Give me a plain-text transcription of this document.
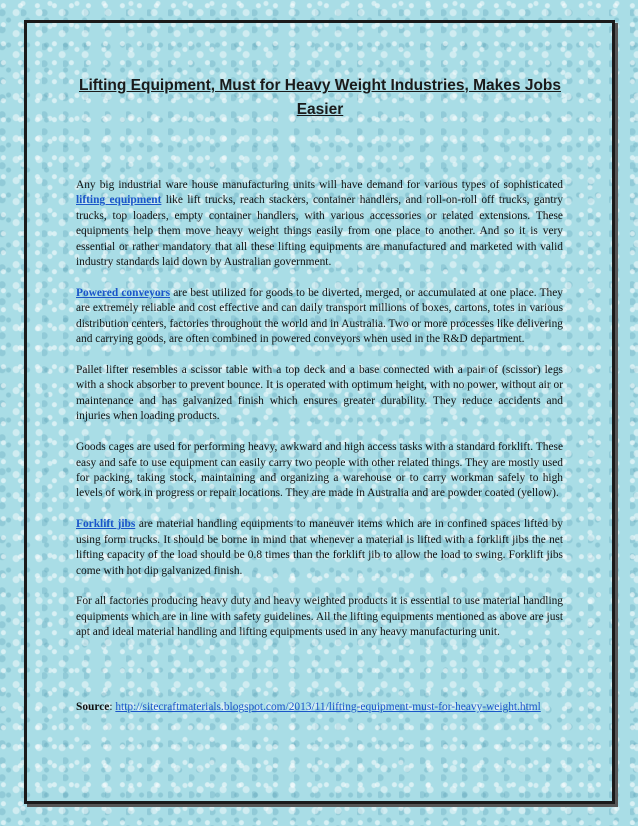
Lifting Equipment, Must for Heavy Weight Industries, Makes Jobs Easier

Any big industrial ware house manufacturing units will have demand for various types of sophisticated lifting equipment like lift trucks, reach stackers, container handlers, and roll-on-roll off trucks, gantry trucks, top loaders, empty container handlers, with various accessories or related extensions. These equipments help them move heavy weight things easily from one place to another. And so it is very essential or rather mandatory that all these lifting equipments are manufactured and marketed with valid industry standards laid down by Australian government.

Powered conveyors are best utilized for goods to be diverted, merged, or accumulated at one place. They are extremely reliable and cost effective and can daily transport millions of boxes, cartons, totes in various distribution centers, factories throughout the world and in Australia. Two or more processes like delivering and carrying goods, are often combined in powered conveyors when used in the R&D department.

Pallet lifter resembles a scissor table with a top deck and a base connected with a pair of (scissor) legs with a shock absorber to prevent bounce. It is operated with optimum height, with no power, without air or maintenance and has galvanized finish which ensures greater durability. They reduce accidents and injuries when loading products.

Goods cages are used for performing heavy, awkward and high access tasks with a standard forklift. These easy and safe to use equipment can easily carry two people with other related things. They are mostly used for packing, taking stock, maintaining and organizing a warehouse or to carry workman safely to high levels of work in progress or repair locations. They are made in Australia and are powder coated (yellow).

Forklift jibs are material handling equipments to maneuver items which are in confined spaces lifted by using form trucks. It should be borne in mind that whenever a material is lifted with a forklift jibs the net lifting capacity of the load should be 0.8 times than the forklift jib to allow the load to swing. Forklift jibs come with hot dip galvanized finish.

For all factories producing heavy duty and heavy weighted products it is essential to use material handling equipments which are in line with safety guidelines. All the lifting equipments mentioned as above are just apt and ideal material handling and lifting equipments used in any heavy manufacturing unit.

Source: http://sitecraftmaterials.blogspot.com/2013/11/lifting-equipment-must-for-heavy-weight.html
